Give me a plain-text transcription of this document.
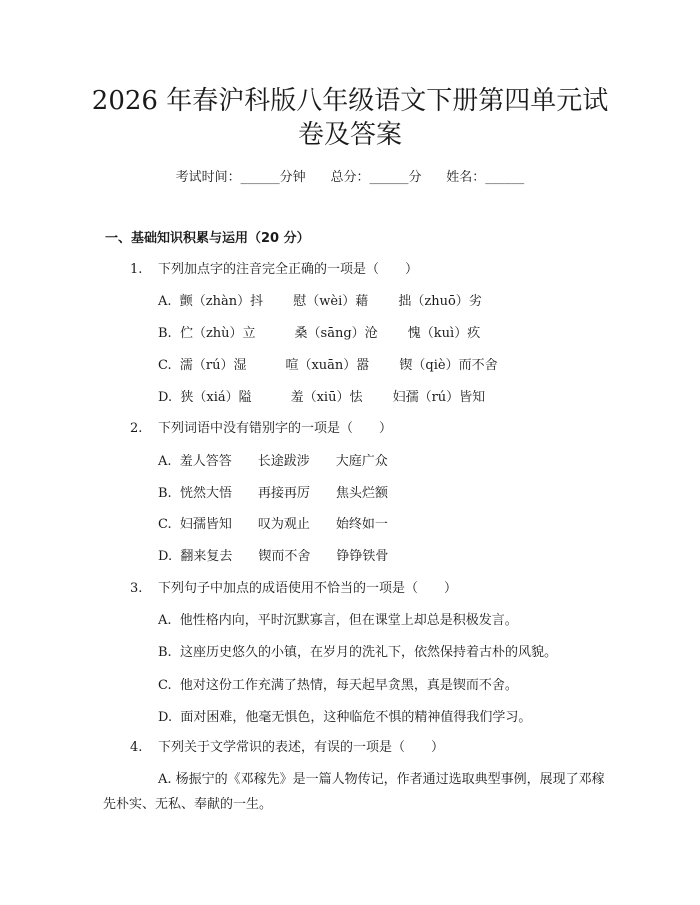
2026 年春沪科版八年级语文下册第四单元试
卷及答案
考试时间：______分钟 总分：______分 姓名：______
一、基础知识积累与运用（20 分）
1. 下列加点字的注音完全正确的一项是（　　）
A.  颤（zhàn）抖　　 慰（wèi）藉　　 拙（zhuō）劣
B.  伫（zhù）立　　　桑（sāng）沧　　 愧（kuì）疚
C.  濡（rú）湿　　　喧（xuān）嚣　　 锲（qiè）而不舍
D.  狭（xiá）隘　　　羞（xiū）怯　　 妇孺（rú）皆知
2. 下列词语中没有错别字的一项是（　　）
A.  羞人答答　　长途跋涉　　大庭广众
B.  恍然大悟　　再接再厉　　焦头烂额
C.  妇孺皆知　　叹为观止　　始终如一
D.  翻来复去　　锲而不舍　　铮铮铁骨
3. 下列句子中加点的成语使用不恰当的一项是（　　）
A.  他性格内向，平时沉默寡言，但在课堂上却总是积极发言。
B.  这座历史悠久的小镇，在岁月的洗礼下，依然保持着古朴的风貌。
C.  他对这份工作充满了热情，每天起早贪黑，真是锲而不舍。
D.  面对困难，他毫无惧色，这种临危不惧的精神值得我们学习。
4. 下列关于文学常识的表述，有误的一项是（　　）

A. 杨振宁的《邓稼先》是一篇人物传记，作者通过选取典型事例，展现了邓稼先朴实、无私、奉献的一生。
